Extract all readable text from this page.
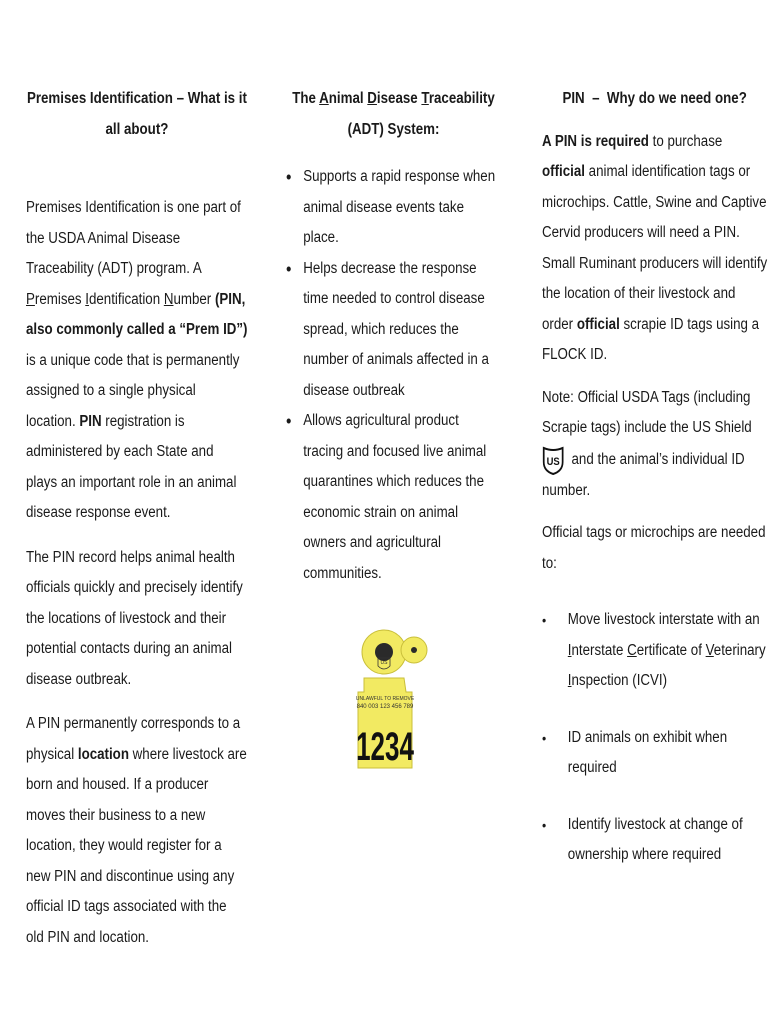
Premises Identification – What is it all about?

Premises Identification is one part of the USDA Animal Disease Traceability (ADT) program. A Premises Identification Number (PIN, also commonly called a “Prem ID”) is a unique code that is permanently assigned to a single physical location. PIN registration is administered by each State and plays an important role in an animal disease response event.

The PIN record helps animal health officials quickly and precisely identify the locations of livestock and their potential contacts during an animal disease outbreak.

A PIN permanently corresponds to a physical location where livestock are born and housed. If a producer moves their business to a new location, they would register for a new PIN and discontinue using any official ID tags associated with the old PIN and location.

The Animal Disease Traceability
(ADT) System:

• Supports a rapid response when animal disease events take place.
• Helps decrease the response time needed to control disease spread, which reduces the number of animals affected in a disease outbreak
• Allows agricultural product tracing and focused live animal quarantines which reduces the economic strain on animal owners and agricultural communities.
US
UNLAWFUL TO REMOVE
840 003 123 456 789
1234

PIN  –  Why do we need one?

A PIN is required to purchase official animal identification tags or microchips. Cattle, Swine and Captive Cervid producers will need a PIN. Small Ruminant producers will identify the location of their livestock and order official scrapie ID tags using a FLOCK ID.

Note: Official USDA Tags (including Scrapie tags) include the US Shield

US and the animal’s individual ID number.

Official tags or microchips are needed to:

• Move livestock interstate with an Interstate Certificate of Veterinary Inspection (ICVI)
• ID animals on exhibit when required
• Identify livestock at change of ownership where required
